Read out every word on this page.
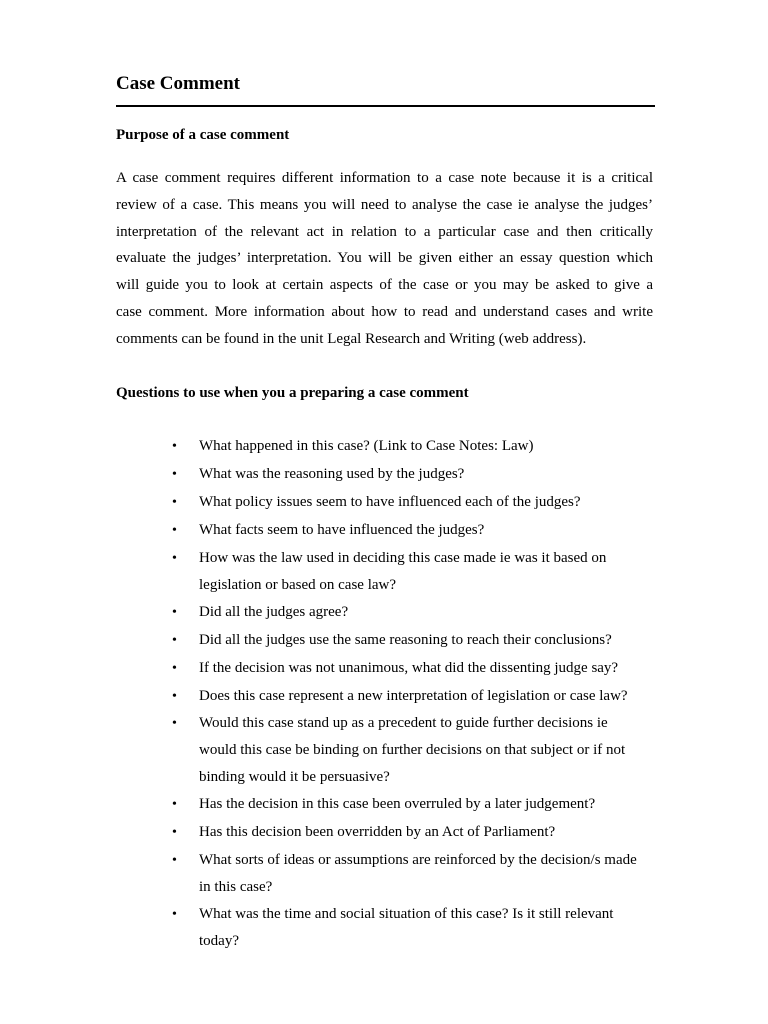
Case Comment
Purpose of a case comment

A case comment requires different information to a case note because it is a critical
review of a case. This means you will need to analyse the case ie analyse the judges’
interpretation of the relevant act in relation to a particular case and then critically
evaluate the judges’ interpretation. You will be given either an essay question which
will guide you to look at certain aspects of the case or you may be asked to give a
case comment. More information about how to read and understand cases and write
comments can be found in the unit Legal Research and Writing (web address).

Questions to use when you a preparing a case comment
•	What happened in this case? (Link to Case Notes: Law)
•	What was the reasoning used by the judges?
•	What policy issues seem to have influenced each of the judges?
•	What facts seem to have influenced the judges?
•	How was the law used in deciding this case made ie was it based on legislation or based on case law?
•	Did all the judges agree?
•	Did all the judges use the same reasoning to reach their conclusions?
•	If the decision was not unanimous, what did the dissenting judge say?
•	Does this case represent a new interpretation of legislation or case law?
•	Would this case stand up as a precedent to guide further decisions ie would this case be binding on further decisions on that subject or if not binding would it be persuasive?
•	Has the decision in this case been overruled by a later judgement?
•	Has this decision been overridden by an Act of Parliament?
•	What sorts of ideas or assumptions are reinforced by the decision/s made in this case?
•	What was the time and social situation of this case? Is it still relevant today?
